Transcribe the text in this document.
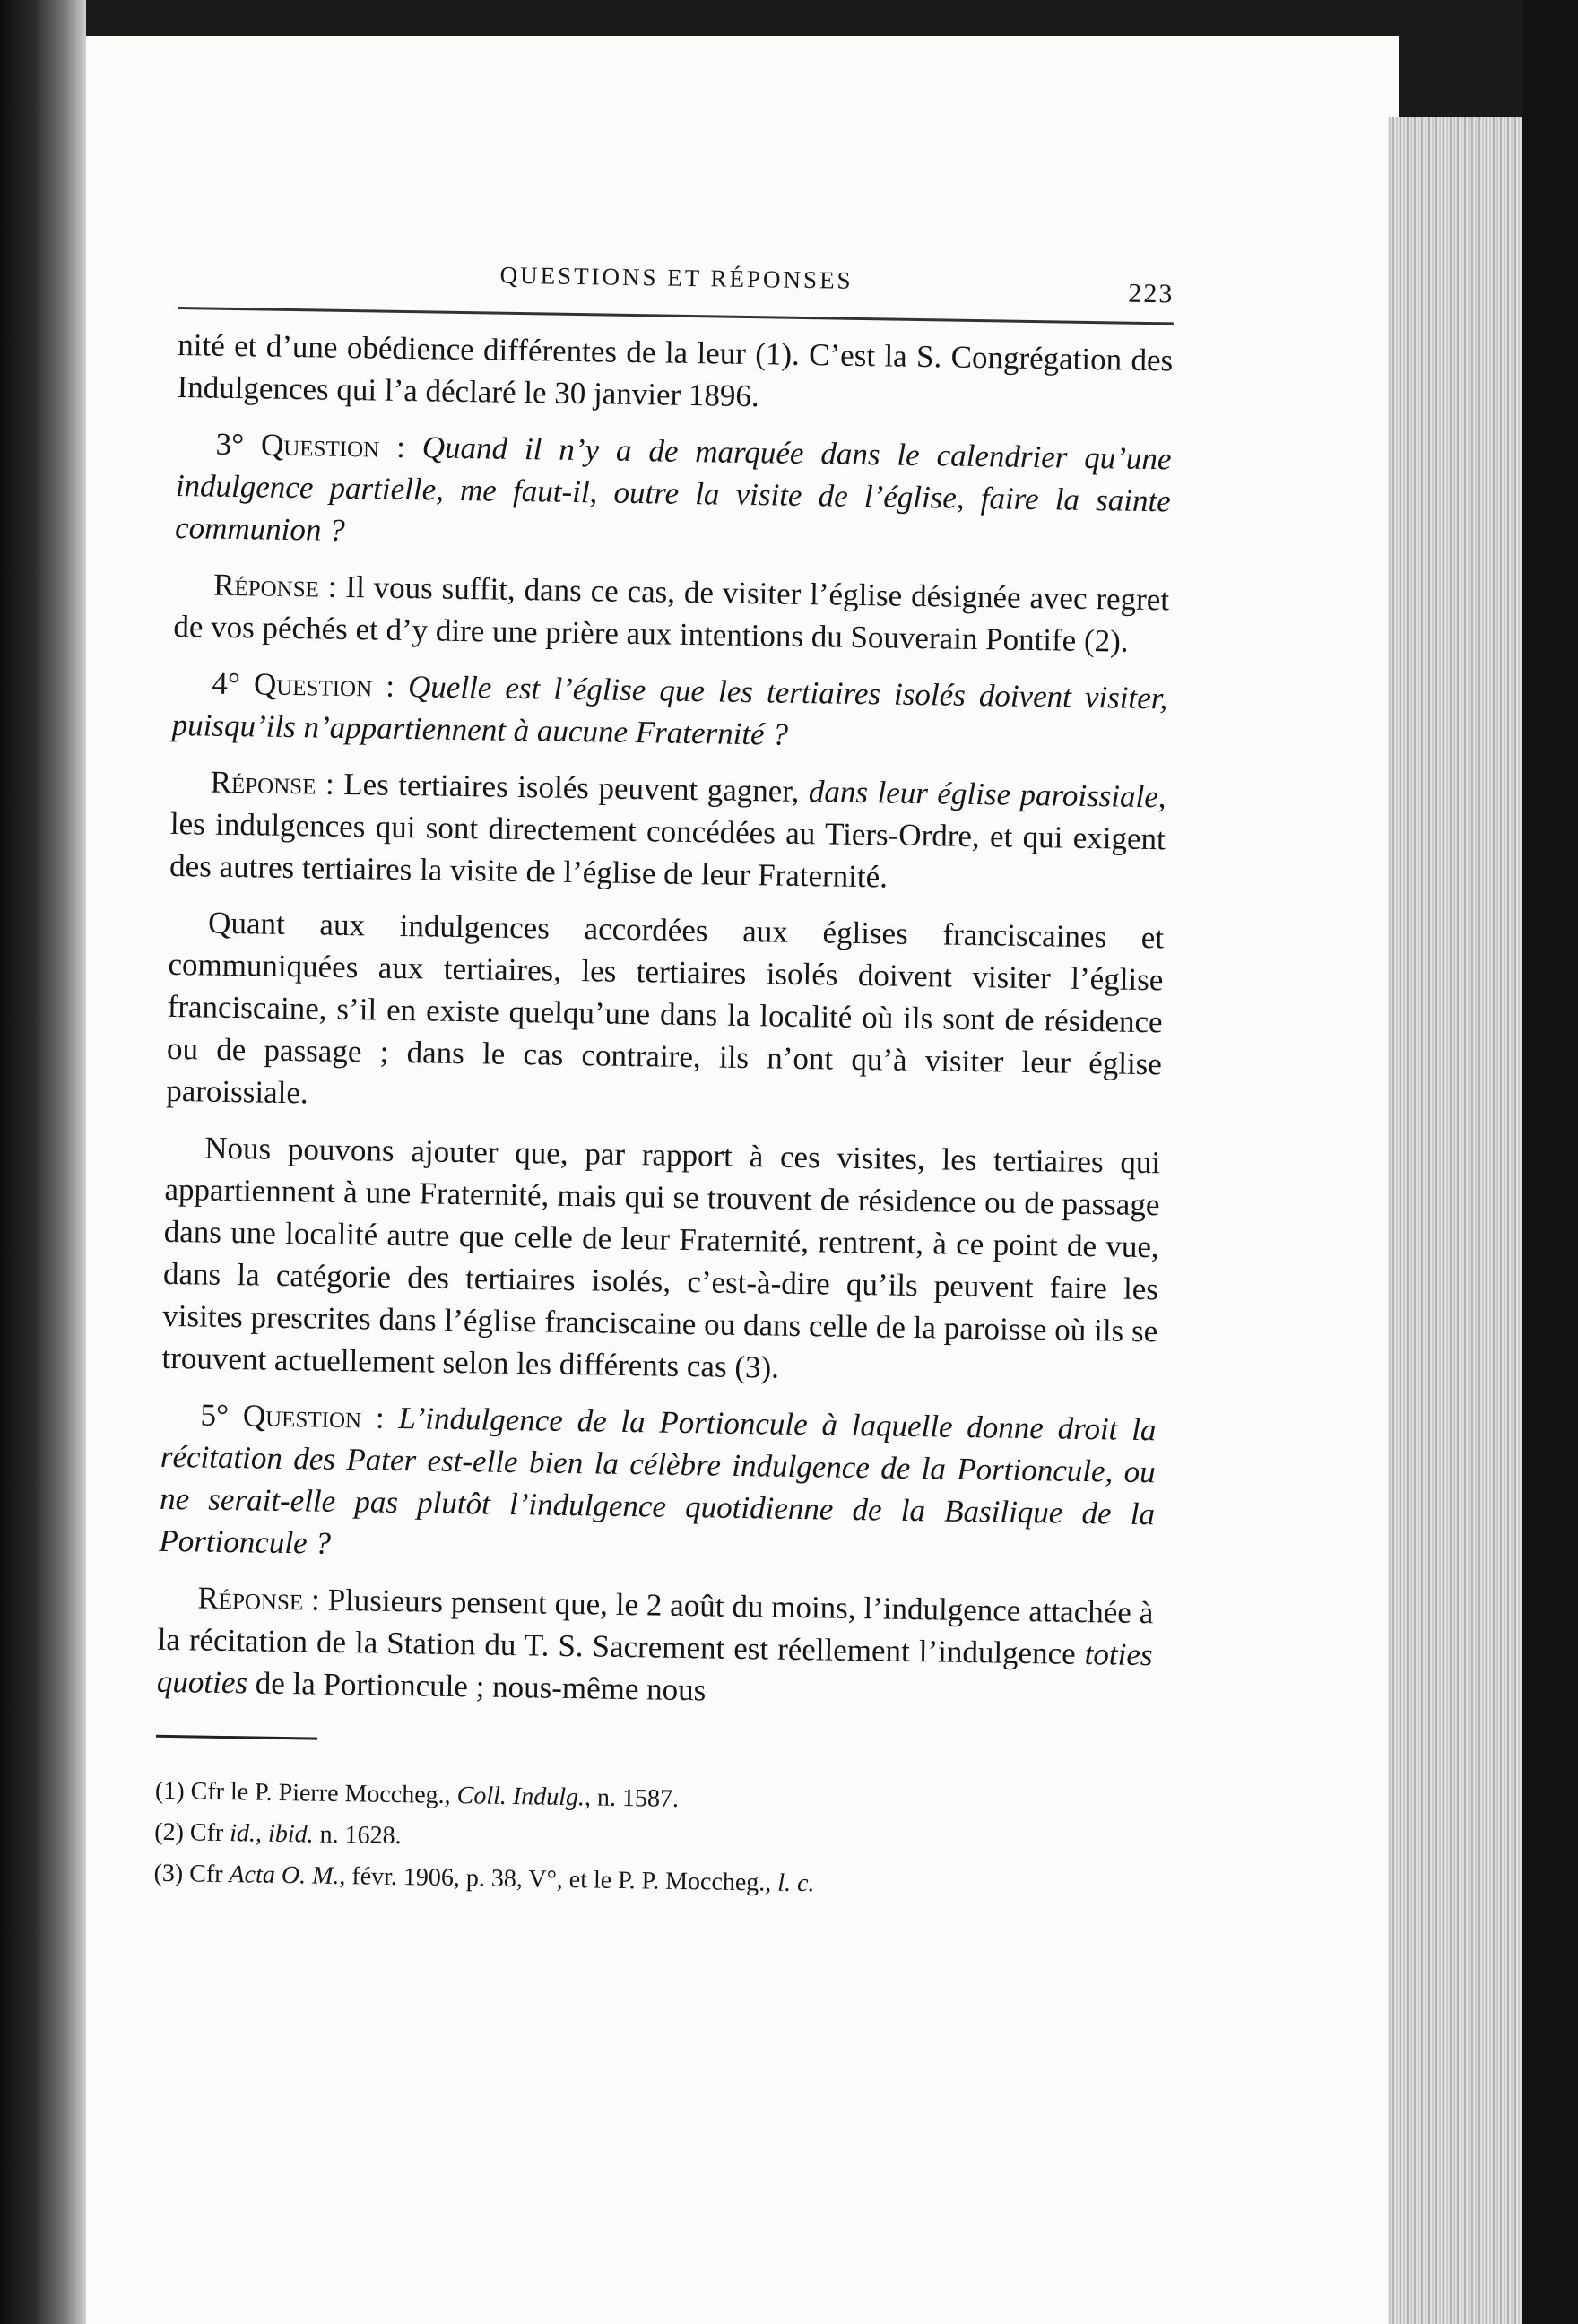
QUESTIONS ET RÉPONSES	223

nité et d’une obédience différentes de la leur (1). C’est la S. Congrégation des Indulgences qui l’a déclaré le 30 janvier 1896.

3° Question : Quand il n’y a de marquée dans le calendrier qu’une indulgence partielle, me faut-il, outre la visite de l’église, faire la sainte communion ?

Réponse : Il vous suffit, dans ce cas, de visiter l’église désignée avec regret de vos péchés et d’y dire une prière aux intentions du Souverain Pontife (2).

4° Question : Quelle est l’église que les tertiaires isolés doivent visiter, puisqu’ils n’appartiennent à aucune Fraternité ?

Réponse : Les tertiaires isolés peuvent gagner, dans leur église paroissiale, les indulgences qui sont directement concédées au Tiers-Ordre, et qui exigent des autres tertiaires la visite de l’église de leur Fraternité.

Quant aux indulgences accordées aux églises franciscaines et communiquées aux tertiaires, les tertiaires isolés doivent visiter l’église franciscaine, s’il en existe quelqu’une dans la localité où ils sont de résidence ou de passage ; dans le cas contraire, ils n’ont qu’à visiter leur église paroissiale.

Nous pouvons ajouter que, par rapport à ces visites, les tertiaires qui appartiennent à une Fraternité, mais qui se trouvent de résidence ou de passage dans une localité autre que celle de leur Fraternité, rentrent, à ce point de vue, dans la catégorie des tertiaires isolés, c’est-à-dire qu’ils peuvent faire les visites prescrites dans l’église franciscaine ou dans celle de la paroisse où ils se trouvent actuellement selon les différents cas (3).

5° Question : L’indulgence de la Portioncule à laquelle donne droit la récitation des Pater est-elle bien la célèbre indulgence de la Portioncule, ou ne serait-elle pas plutôt l’indulgence quotidienne de la Basilique de la Portioncule ?

Réponse : Plusieurs pensent que, le 2 août du moins, l’indulgence attachée à la récitation de la Station du T. S. Sacrement est réellement l’indulgence toties quoties de la Portioncule ; nous-même nous

(1) Cfr le P. Pierre Moccheg., Coll. Indulg., n. 1587.
(2) Cfr id., ibid. n. 1628.
(3) Cfr Acta O. M., févr. 1906, p. 38, V°, et le P. P. Moccheg., l. c.
